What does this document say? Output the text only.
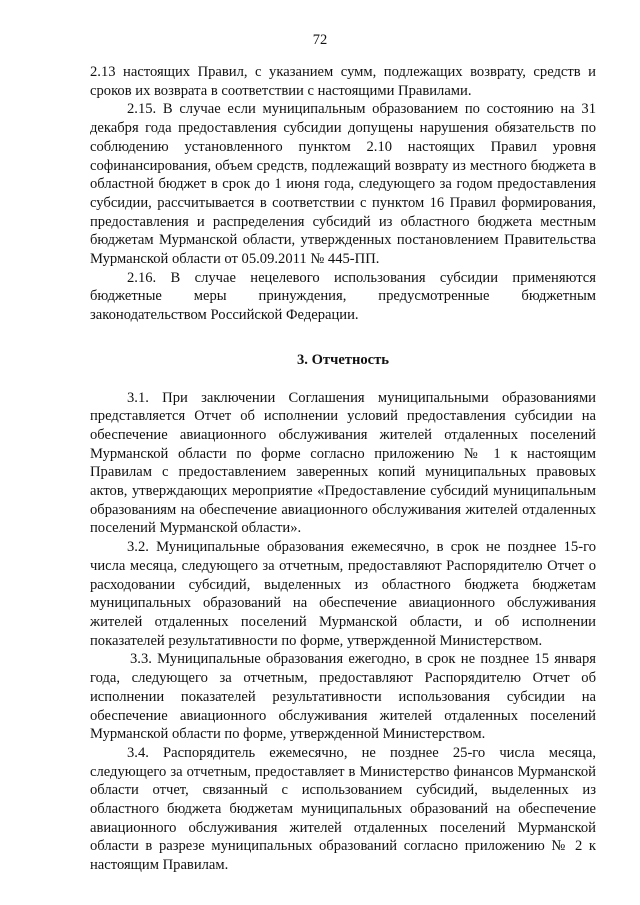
72

2.13 настоящих Правил, с указанием сумм, подлежащих возврату, средств и сроков их возврата в соответствии с настоящими Правилами.

2.15. В случае если муниципальным образованием по состоянию на 31 декабря года предоставления субсидии допущены нарушения обязательств по соблюдению установленного пунктом 2.10 настоящих Правил уровня софинансирования, объем средств, подлежащий возврату из местного бюджета в областной бюджет в срок до 1 июня года, следующего за годом предоставления субсидии, рассчитывается в соответствии с пунктом 16 Правил формирования, предоставления и распределения субсидий из областного бюджета местным бюджетам Мурманской области, утвержденных постановлением Правительства Мурманской области от 05.09.2011 № 445-ПП.

2.16. В случае нецелевого использования субсидии применяются бюджетные меры принуждения, предусмотренные бюджетным законодательством Российской Федерации.

3. Отчетность

3.1. При заключении Соглашения муниципальными образованиями представляется Отчет об исполнении условий предоставления субсидии на обеспечение авиационного обслуживания жителей отдаленных поселений Мурманской области по форме согласно приложению № 1 к настоящим Правилам с предоставлением заверенных копий муниципальных правовых актов, утверждающих мероприятие «Предоставление субсидий муниципальным образованиям на обеспечение авиационного обслуживания жителей отдаленных поселений Мурманской области».

3.2. Муниципальные образования ежемесячно, в срок не позднее 15-го числа месяца, следующего за отчетным, предоставляют Распорядителю Отчет о расходовании субсидий, выделенных из областного бюджета бюджетам муниципальных образований на обеспечение авиационного обслуживания жителей отдаленных поселений Мурманской области, и об исполнении показателей результативности по форме, утвержденной Министерством.

3.3. Муниципальные образования ежегодно, в срок не позднее 15 января года, следующего за отчетным, предоставляют Распорядителю Отчет об исполнении показателей результативности использования субсидии на обеспечение авиационного обслуживания жителей отдаленных поселений Мурманской области по форме, утвержденной Министерством.

3.4. Распорядитель ежемесячно, не позднее 25-го числа месяца, следующего за отчетным, предоставляет в Министерство финансов Мурманской области отчет, связанный с использованием субсидий, выделенных из областного бюджета бюджетам муниципальных образований на обеспечение авиационного обслуживания жителей отдаленных поселений Мурманской области в разрезе муниципальных образований согласно приложению № 2 к настоящим Правилам.
